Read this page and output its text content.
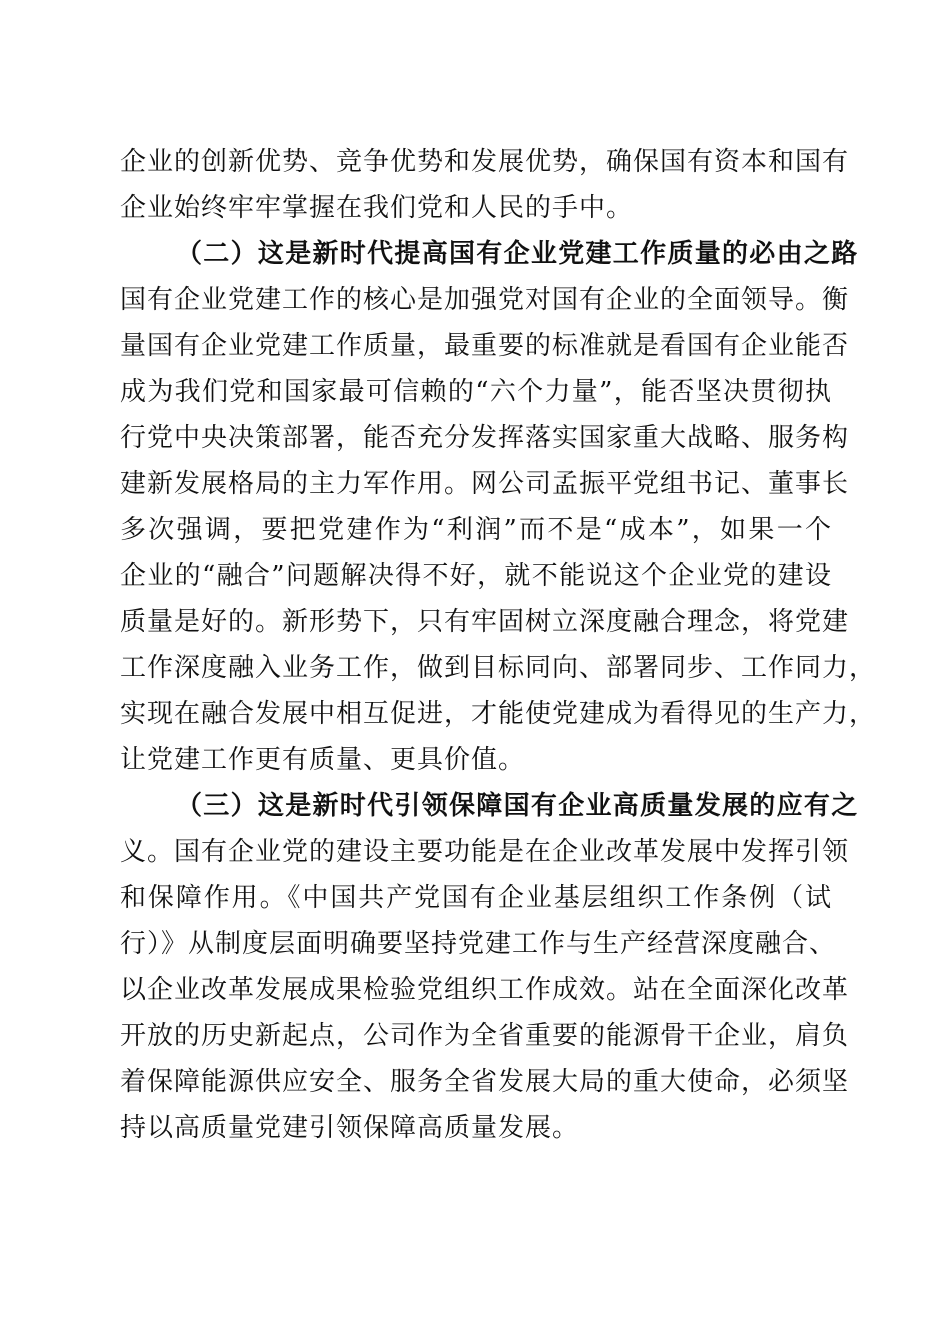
企业的创新优势、竞争优势和发展优势，确保国有资本和国有
企业始终牢牢掌握在我们党和人民的手中。
（二）这是新时代提高国有企业党建工作质量的必由之路
国有企业党建工作的核心是加强党对国有企业的全面领导。衡
量国有企业党建工作质量，最重要的标准就是看国有企业能否
成为我们党和国家最可信赖的“六个力量”，能否坚决贯彻执
行党中央决策部署，能否充分发挥落实国家重大战略、服务构
建新发展格局的主力军作用。网公司孟振平党组书记、董事长
多次强调，要把党建作为“利润”而不是“成本”，如果一个
企业的“融合”问题解决得不好，就不能说这个企业党的建设
质量是好的。新形势下，只有牢固树立深度融合理念，将党建
工作深度融入业务工作，做到目标同向、部署同步、工作同力，
实现在融合发展中相互促进，才能使党建成为看得见的生产力，
让党建工作更有质量、更具价值。
（三）这是新时代引领保障国有企业高质量发展的应有之
义。国有企业党的建设主要功能是在企业改革发展中发挥引领
和保障作用。《中国共产党国有企业基层组织工作条例（试
行）》从制度层面明确要坚持党建工作与生产经营深度融合、
以企业改革发展成果检验党组织工作成效。站在全面深化改革
开放的历史新起点，公司作为全省重要的能源骨干企业，肩负
着保障能源供应安全、服务全省发展大局的重大使命，必须坚
持以高质量党建引领保障高质量发展。
